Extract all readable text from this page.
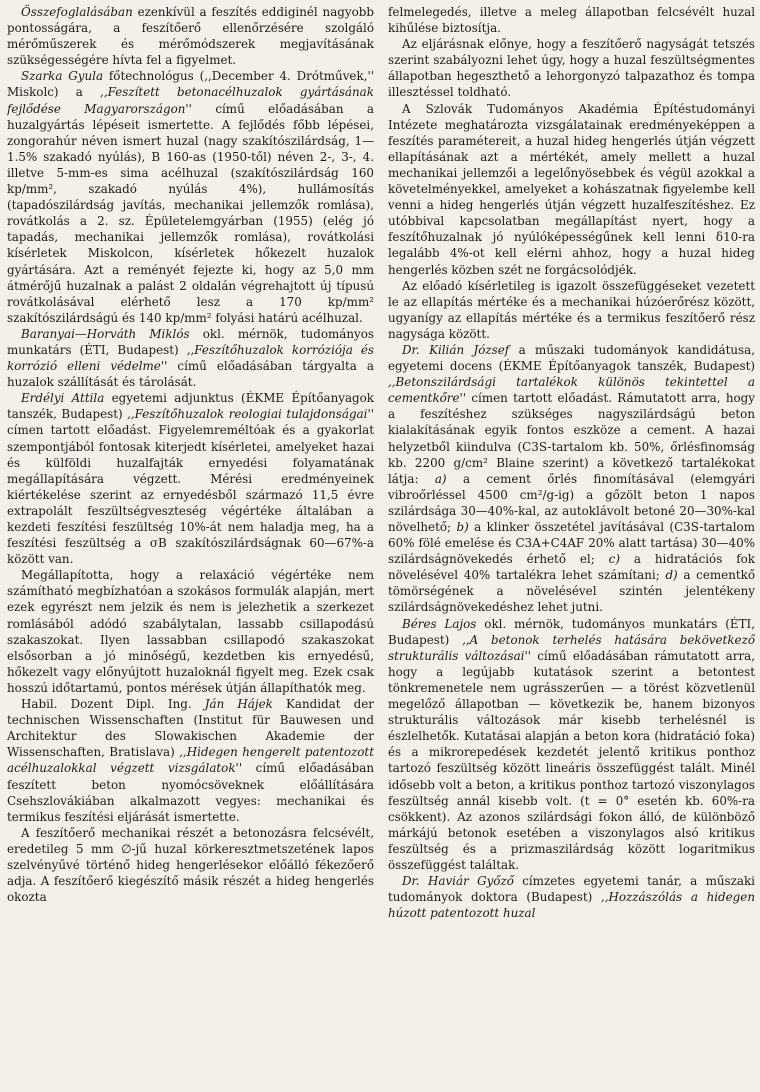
Összefoglalásában ezenkívül a feszítés eddiginél nagyobb pontosságára, a feszítőerő ellenőrzésére szolgáló mérőműszerek és mérőmódszerek megjavításának szükségességére hívta fel a figyelmet.

Szarka Gyula főtechnológus (,,December 4. Drótművek,'' Miskolc) a ,,Feszített betonacélhuzalok gyártásának fejlődése Magyarországon'' című előadásában a huzalgyártás lépéseit ismertette. A fejlődés főbb lépései, zongorahúr néven ismert huzal (nagy szakítószilárdság, 1—1.5% szakadó nyúlás), B 160-as (1950-től) néven 2-, 3-, 4. illetve 5-mm-es sima acélhuzal (szakítószilárdság 160 kp/mm², szakadó nyúlás 4%), hullámosítás (tapadószilárdság javítás, mechanikai jellemzők romlása), rovátkolás a 2. sz. Épületelemgyárban (1955) (elég jó tapadás, mechanikai jellemzők romlása), rovátkolási kísérletek Miskolcon, kísérletek hőkezelt huzalok gyártására. Azt a reményét fejezte ki, hogy az 5,0 mm átmérőjű huzalnak a palást 2 oldalán végrehajtott új típusú rovátkolásával elérhető lesz a 170 kp/mm² szakítószilárdságú és 140 kp/mm² folyási határú acélhuzal.

Baranyai—Horváth Miklós okl. mérnök, tudományos munkatárs (ÉTI, Budapest) ,,Feszítőhuzalok korróziója és korrózió elleni védelme'' című előadásában tárgyalta a huzalok szállítását és tárolását.

Erdélyi Attila egyetemi adjunktus (ÉKME Építőanyagok tanszék, Budapest) ,,Feszítőhuzalok reologiai tulajdonságai'' címen tartott előadást. Figyelemreméltóak és a gyakorlat szempontjából fontosak kiterjedt kísérletei, amelyeket hazai és külföldi huzalfajták ernyedési folyamatának megállapítására végzett. Mérési eredményeinek kiértékelése szerint az ernyedésből származó 11,5 évre extrapolált feszültségveszteség végértéke általában a kezdeti feszítési feszültség 10%-át nem haladja meg, ha a feszítési feszültség a σB szakítószilárdságnak 60—67%-a között van.

Megállapította, hogy a relaxáció végértéke nem számítható megbízhatóan a szokásos formulák alapján, mert ezek egyrészt nem jelzik és nem is jelezhetik a szerkezet romlásából adódó szabálytalan, lassabb csillapodású szakaszokat. Ilyen lassabban csillapodó szakaszokat elsősorban a jó minőségű, kezdetben kis ernyedésű, hőkezelt vagy előnyújtott huzaloknál figyelt meg. Ezek csak hosszú időtartamú, pontos mérések útján állapíthatók meg.

Habil. Dozent Dipl. Ing. Ján Hájek Kandidat der technischen Wissenschaften (Institut für Bauwesen und Architektur des Slowakischen Akademie der Wissenschaften, Bratislava) ,,Hidegen hengerelt patentozott acélhuzalokkal végzett vizsgálatok'' című előadásában feszített beton nyomócsöveknek előállítására Csehszlovákiában alkalmazott vegyes: mechanikai és termikus feszítési eljárását ismertette.

A feszítőerő mechanikai részét a betonozásra felcsévélt, eredetileg 5 mm ∅-jű huzal körkeresztmetszetének lapos szelvényűvé történő hideg hengerlésekor előálló fékezőerő adja. A feszítőerő kiegészítő másik részét a hideg hengerlés okozta

felmelegedés, illetve a meleg állapotban felcsévélt huzal kihűlése biztosítja.

Az eljárásnak előnye, hogy a feszítőerő nagyságát tetszés szerint szabályozni lehet úgy, hogy a huzal feszültségmentes állapotban hegeszthető a lehorgonyzó talpazathoz és tompa illesztéssel toldható.

A Szlovák Tudományos Akadémia Építéstudományi Intézete meghatározta vizsgálatainak eredményeképpen a feszítés paramétereit, a huzal hideg hengerlés útján végzett ellapításának azt a mértékét, amely mellett a huzal mechanikai jellemzői a legelőnyösebbek és végül azokkal a követelményekkel, amelyeket a kohászatnak figyelembe kell venni a hideg hengerlés útján végzett huzalfeszítéshez. Ez utóbbival kapcsolatban megállapítást nyert, hogy a feszítőhuzalnak jó nyúlóképességűnek kell lenni δ10-ra legalább 4%-ot kell elérni ahhoz, hogy a huzal hideg hengerlés közben szét ne forgácsolódjék.

Az előadó kísérletileg is igazolt összefüggéseket vezetett le az ellapítás mértéke és a mechanikai húzóerőrész között, ugyanígy az ellapítás mértéke és a termikus feszítőerő rész nagysága között.

Dr. Kilián József a műszaki tudományok kandidátusa, egyetemi docens (ÉKME Építőanyagok tanszék, Budapest) ,,Betonszilárdsági tartalékok különös tekintettel a cementkőre'' címen tartott előadást. Rámutatott arra, hogy a feszítéshez szükséges nagyszilárdságú beton kialakításának egyik fontos eszköze a cement. A hazai helyzetből kiindulva (C3S-tartalom kb. 50%, őrlésfinomság kb. 2200 g/cm² Blaine szerint) a következő tartalékokat látja: a) a cement őrlés finomításával (elemgyári vibroőrléssel 4500 cm²/g-ig) a gőzölt beton 1 napos szilárdsága 30—40%-kal, az autoklávolt betoné 20—30%-kal növelhető; b) a klinker összetétel javításával (C3S-tartalom 60% fölé emelése és C3A+C4AF 20% alatt tartása) 30—40% szilárdságnövekedés érhető el; c) a hidratációs fok növelésével 40% tartalékra lehet számítani; d) a cementkő tömörségének a növelésével szintén jelentékeny szilárdságnövekedéshez lehet jutni.

Béres Lajos okl. mérnök, tudományos munkatárs (ÉTI, Budapest) ,,A betonok terhelés hatására bekövetkező strukturális változásai'' című előadásában rámutatott arra, hogy a legújabb kutatások szerint a betontest tönkremenetele nem ugrásszerűen — a törést közvetlenül megelőző állapotban — következik be, hanem bizonyos strukturális változások már kisebb terhelésnél is észlelhetők. Kutatásai alapján a beton kora (hidratáció foka) és a mikrorepedések kezdetét jelentő kritikus ponthoz tartozó feszültség között lineáris összefüggést talált. Minél idősebb volt a beton, a kritikus ponthoz tartozó viszonylagos feszültség annál kisebb volt. (t = 0° esetén kb. 60%-ra csökkent). Az azonos szilárdsági fokon álló, de különböző márkájú betonok esetében a viszonylagos alsó kritikus feszültség és a prizmaszilárdság között logaritmikus összefüggést találtak.

Dr. Haviár Győző címzetes egyetemi tanár, a műszaki tudományok doktora (Budapest) ,,Hozzászólás a hidegen húzott patentozott huzal
